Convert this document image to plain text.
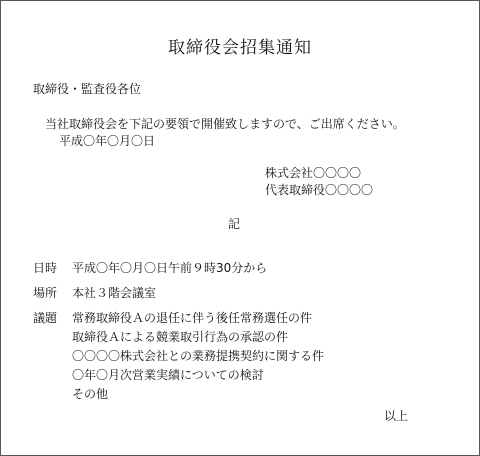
取締役会招集通知
取締役・監査役各位
当社取締役会を下記の要領で開催致しますので、ご出席ください。
平成〇年〇月〇日
株式会社〇〇〇〇
代表取締役〇〇〇〇
記
日時 平成〇年〇月〇日午前９時30分から
場所 本社３階会議室
議題 常務取締役Ａの退任に伴う後任常務選任の件
取締役Ａによる競業取引行為の承認の件
〇〇〇〇株式会社との業務提携契約に関する件
〇年〇月次営業実績についての検討
その他
以上
